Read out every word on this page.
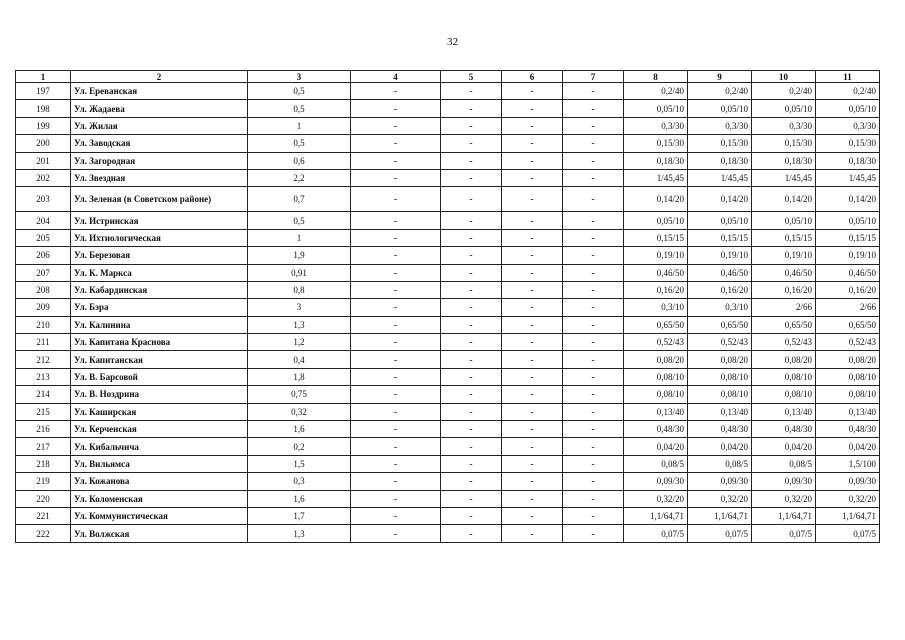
32
1	2	3	4	5	6	7	8	9	10	11
197	Ул. Ереванская	0,5	-	-	-	-	0,2/40	0,2/40	0,2/40	0,2/40
198	Ул. Жадаева	0,5	-	-	-	-	0,05/10	0,05/10	0,05/10	0,05/10
199	Ул. Жилая	1	-	-	-	-	0,3/30	0,3/30	0,3/30	0,3/30
200	Ул. Заводская	0,5	-	-	-	-	0,15/30	0,15/30	0,15/30	0,15/30
201	Ул. Загородная	0,6	-	-	-	-	0,18/30	0,18/30	0,18/30	0,18/30
202	Ул. Звездная	2,2	-	-	-	-	1/45,45	1/45,45	1/45,45	1/45,45
203	Ул. Зеленая (в Советском районе)	0,7	-	-	-	-	0,14/20	0,14/20	0,14/20	0,14/20
204	Ул. Истринская	0,5	-	-	-	-	0,05/10	0,05/10	0,05/10	0,05/10
205	Ул. Ихтиологическая	1	-	-	-	-	0,15/15	0,15/15	0,15/15	0,15/15
206	Ул. Березовая	1,9	-	-	-	-	0,19/10	0,19/10	0,19/10	0,19/10
207	Ул. К. Маркса	0,91	-	-	-	-	0,46/50	0,46/50	0,46/50	0,46/50
208	Ул. Кабардинская	0,8	-	-	-	-	0,16/20	0,16/20	0,16/20	0,16/20
209	Ул. Бэра	3	-	-	-	-	0,3/10	0,3/10	2/66	2/66
210	Ул. Калинина	1,3	-	-	-	-	0,65/50	0,65/50	0,65/50	0,65/50
211	Ул. Капитана Краснова	1,2	-	-	-	-	0,52/43	0,52/43	0,52/43	0,52/43
212	Ул. Капитанская	0,4	-	-	-	-	0,08/20	0,08/20	0,08/20	0,08/20
213	Ул. В. Барсовой	1,8	-	-	-	-	0,08/10	0,08/10	0,08/10	0,08/10
214	Ул. В. Ноздрина	0,75	-	-	-	-	0,08/10	0,08/10	0,08/10	0,08/10
215	Ул. Каширская	0,32	-	-	-	-	0,13/40	0,13/40	0,13/40	0,13/40
216	Ул. Керченская	1,6	-	-	-	-	0,48/30	0,48/30	0,48/30	0,48/30
217	Ул. Кибальчича	0,2	-	-	-	-	0,04/20	0,04/20	0,04/20	0,04/20
218	Ул. Вильямса	1,5	-	-	-	-	0,08/5	0,08/5	0,08/5	1,5/100
219	Ул. Кожанова	0,3	-	-	-	-	0,09/30	0,09/30	0,09/30	0,09/30
220	Ул. Коломенская	1,6	-	-	-	-	0,32/20	0,32/20	0,32/20	0,32/20
221	Ул. Коммунистическая	1,7	-	-	-	-	1,1/64,71	1,1/64,71	1,1/64,71	1,1/64,71
222	Ул. Волжская	1,3	-	-	-	-	0,07/5	0,07/5	0,07/5	0,07/5
